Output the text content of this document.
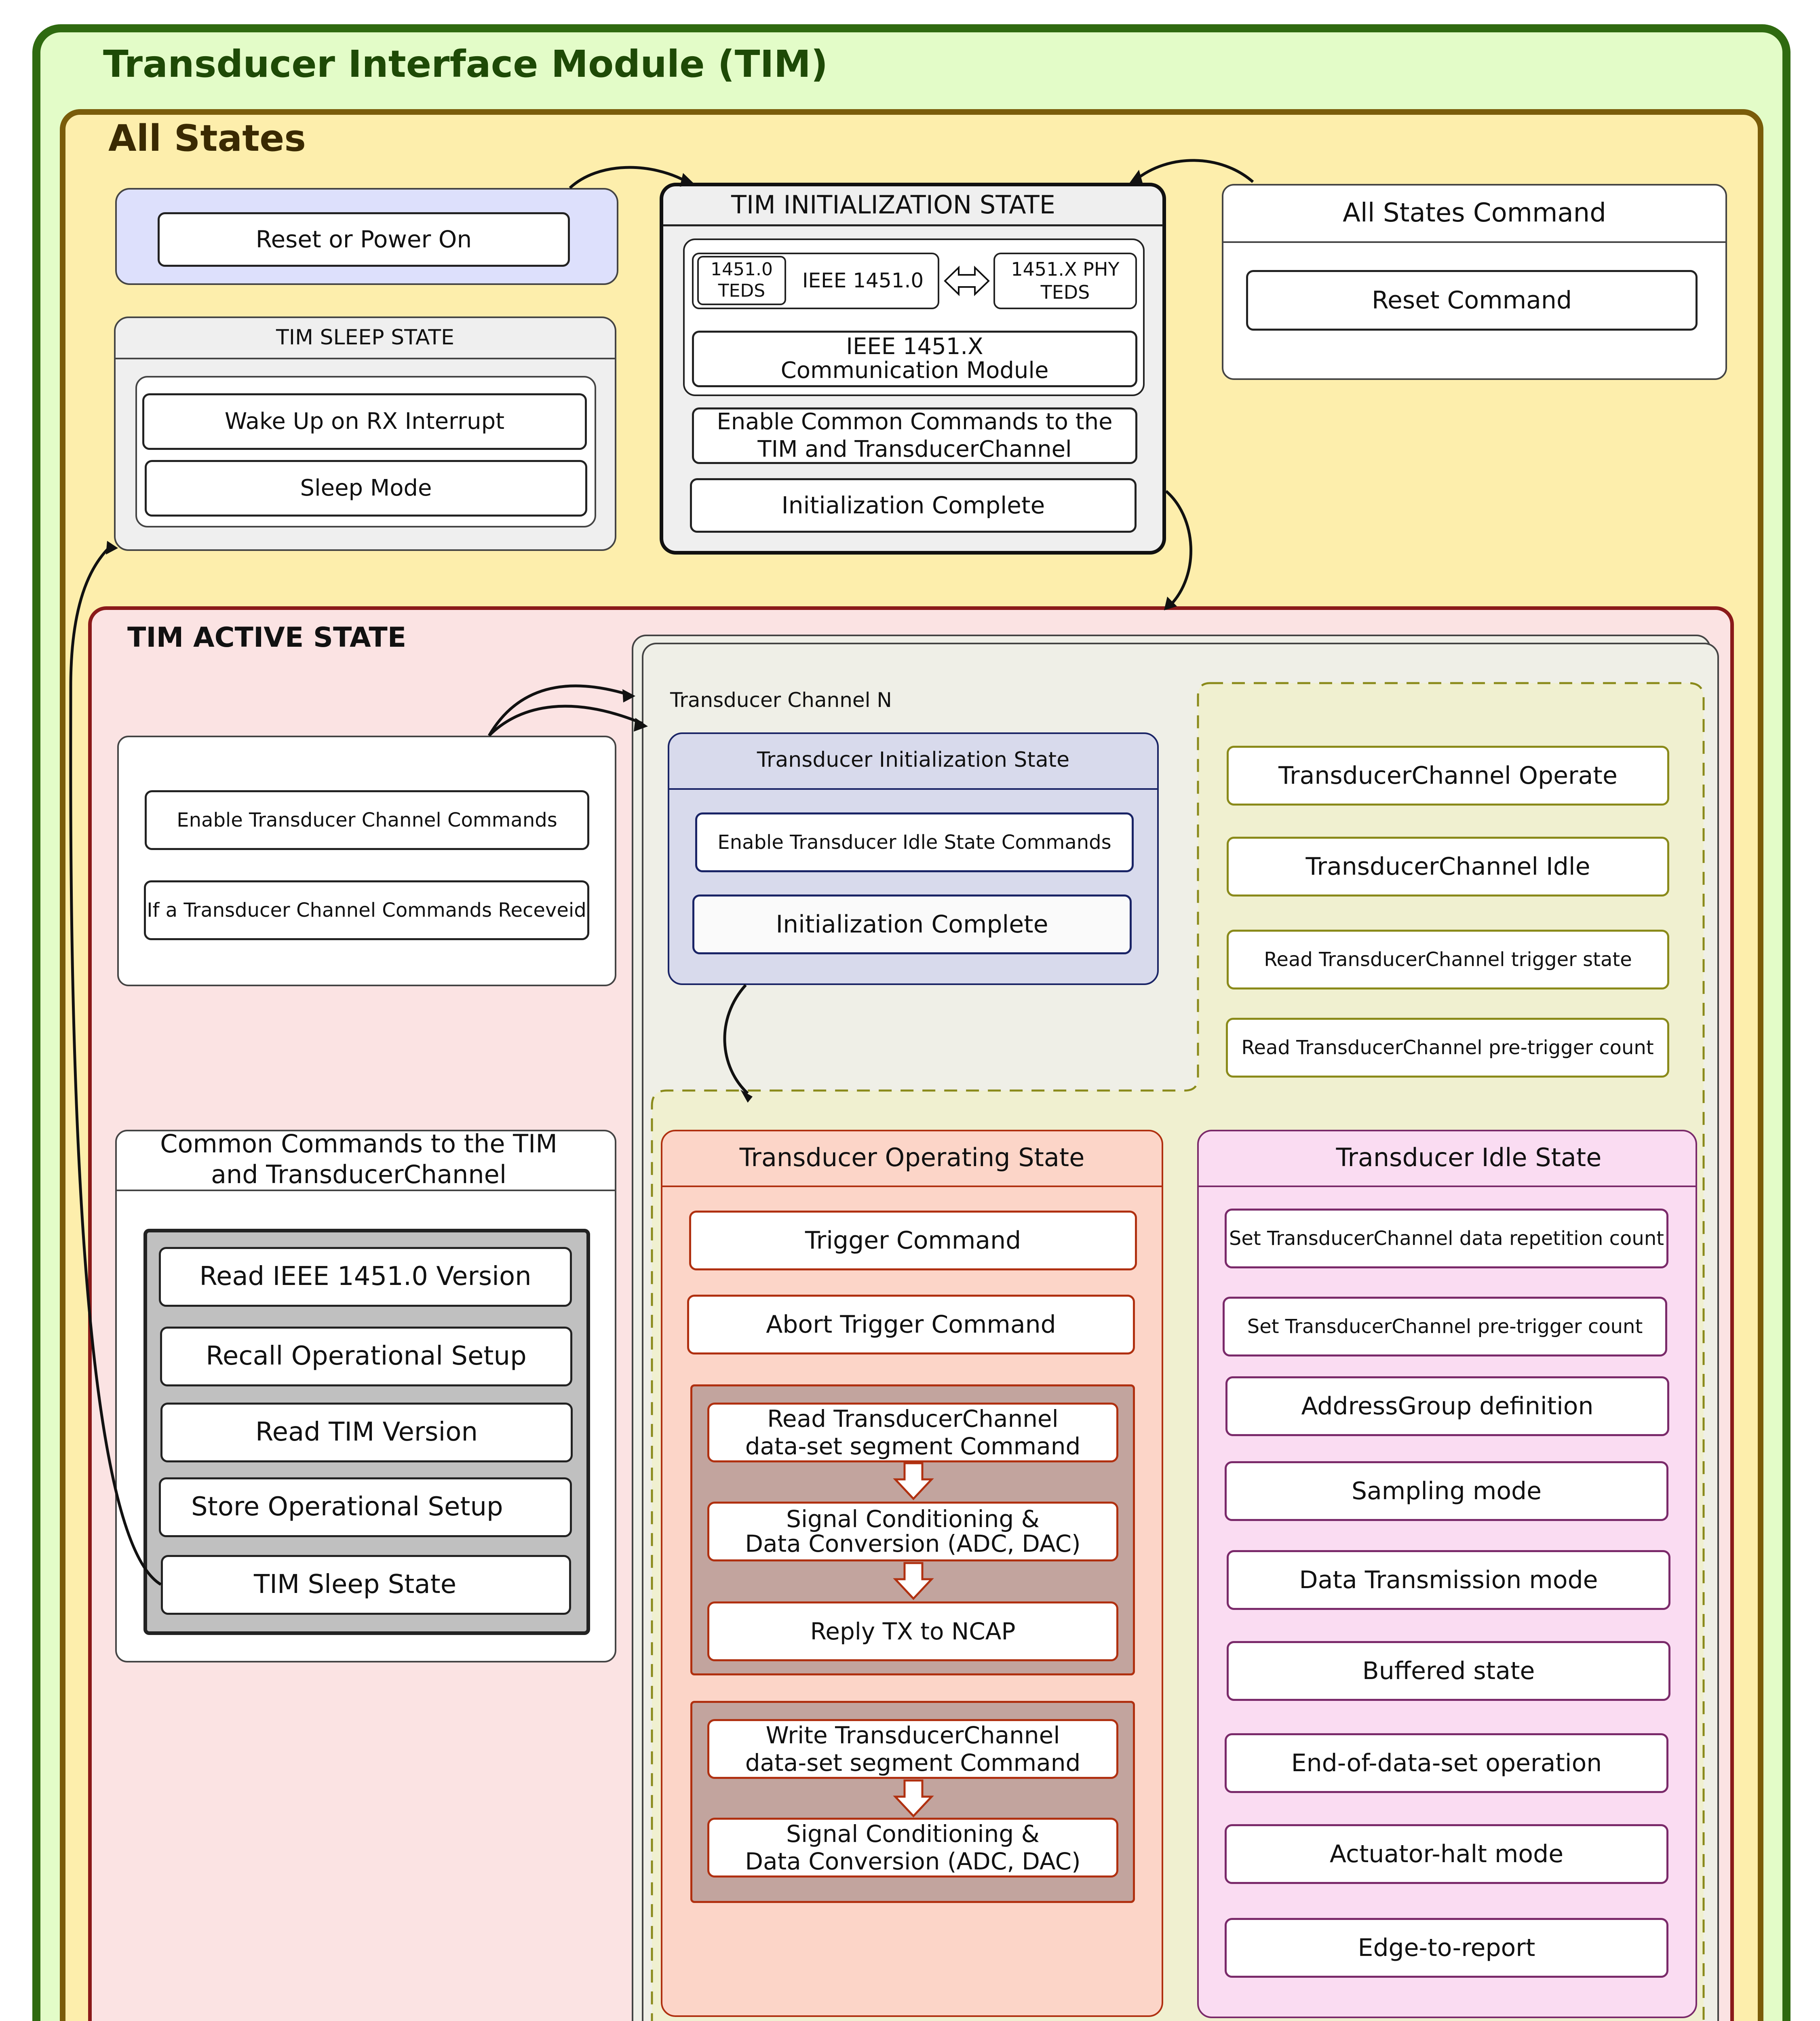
Transducer Interface Module (TIM)
All States
Reset or Power On
TIM SLEEP STATE
Wake Up on RX Interrupt
Sleep Mode
TIM INITIALIZATION STATE
1451.0
TEDS	IEEE 1451.0	1451.X PHY
TEDS
IEEE 1451.X
Communication Module
Enable Common Commands to the
TIM and TransducerChannel
Initialization Complete
All States Command
Reset Command
TIM ACTIVE STATE
Enable Transducer Channel Commands
If a Transducer Channel Commands Receveid
Common Commands to the TIM
and TransducerChannel
Read IEEE 1451.0 Version
Recall Operational Setup
Read TIM Version
Store Operational Setup
TIM Sleep State
Transducer Channel N
Transducer Initialization State
Enable Transducer Idle State Commands
Initialization Complete
TransducerChannel Operate
TransducerChannel Idle
Read TransducerChannel trigger state
Read TransducerChannel pre-trigger count
Transducer Operating State
Trigger Command
Abort Trigger Command
Read TransducerChannel
data-set segment Command
Signal Conditioning &
Data Conversion (ADC, DAC)
Reply TX to NCAP
Write TransducerChannel
data-set segment Command
Signal Conditioning &
Data Conversion (ADC, DAC)
Transducer Idle State
Set TransducerChannel data repetition count
Set TransducerChannel pre-trigger count
AddressGroup definition
Sampling mode
Data Transmission mode
Buffered state
End-of-data-set operation
Actuator-halt mode
Edge-to-report
